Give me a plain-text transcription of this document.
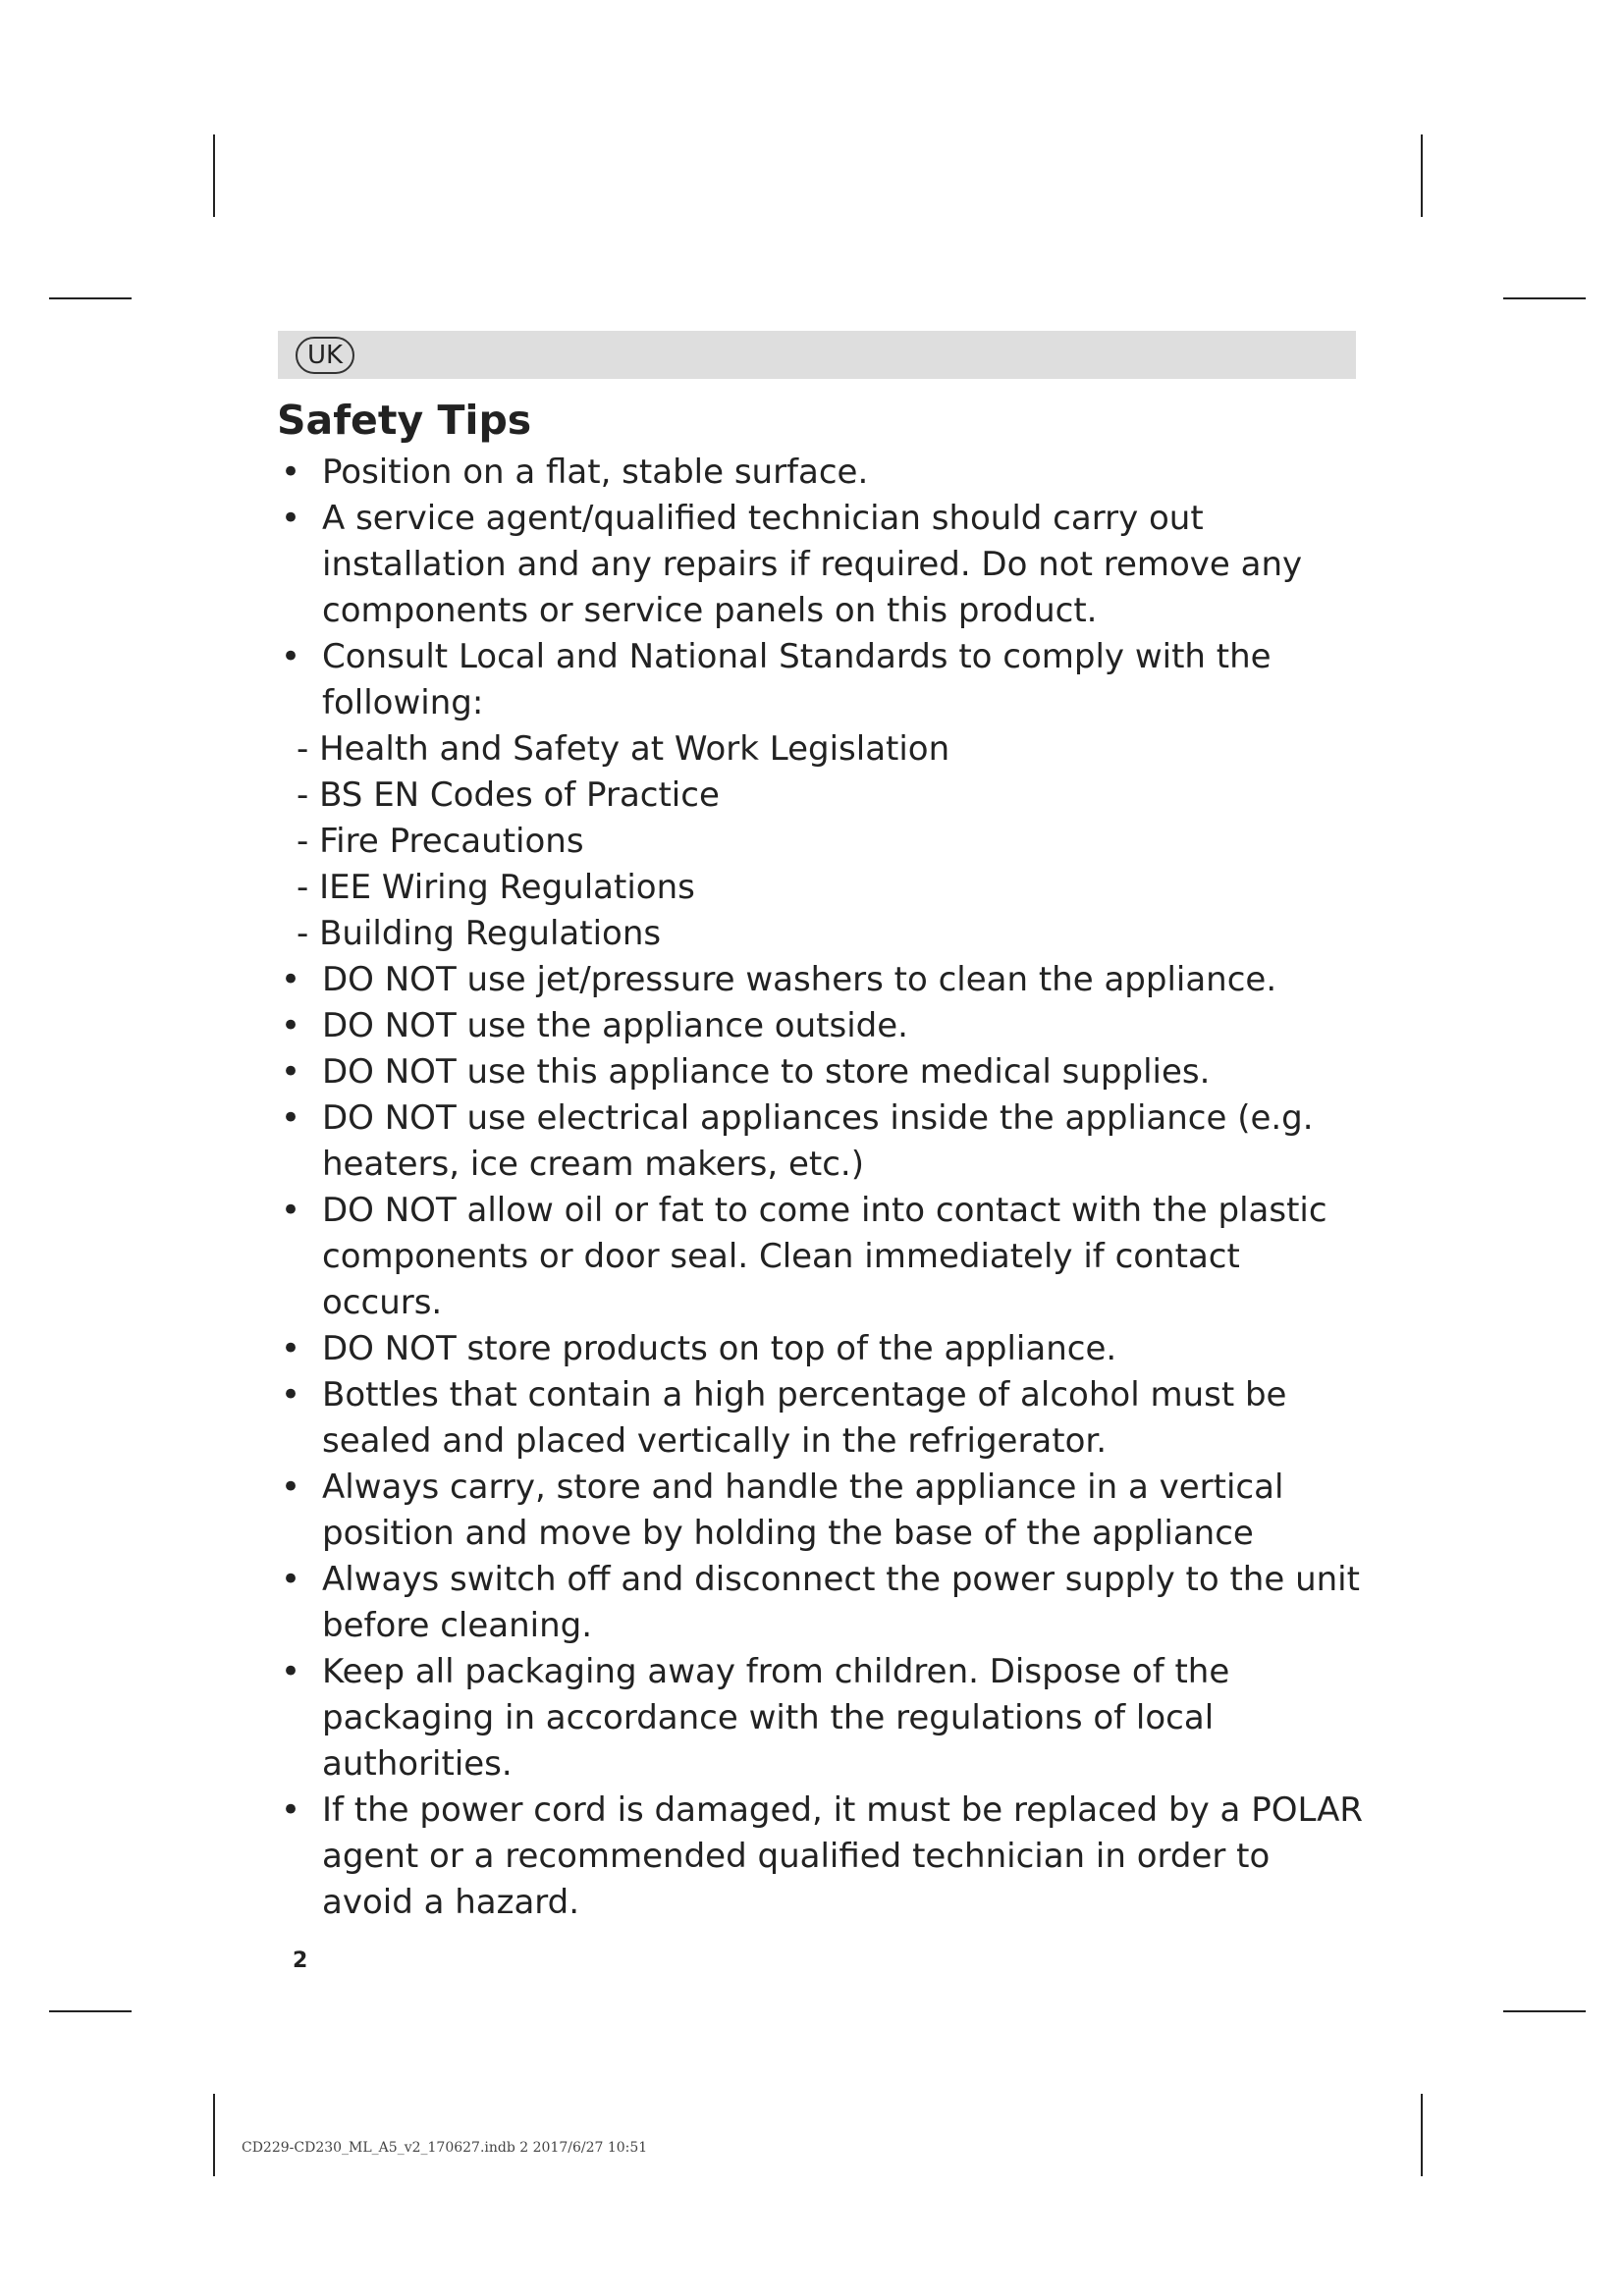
UK
Safety Tips
• Position on a flat, stable surface.
• A service agent/qualified technician should carry out installation and any repairs if required. Do not remove any components or service panels on this product.
• Consult Local and National Standards to comply with the following:
- Health and Safety at Work Legislation
- BS EN Codes of Practice
- Fire Precautions
- IEE Wiring Regulations
- Building Regulations
• DO NOT use jet/pressure washers to clean the appliance.
• DO NOT use the appliance outside.
• DO NOT use this appliance to store medical supplies.
• DO NOT use electrical appliances inside the appliance (e.g. heaters, ice cream makers, etc.)
• DO NOT allow oil or fat to come into contact with the plastic components or door seal. Clean immediately if contact occurs.
• DO NOT store products on top of the appliance.
• Bottles that contain a high percentage of alcohol must be sealed and placed vertically in the refrigerator.
• Always carry, store and handle the appliance in a vertical position and move by holding the base of the appliance
• Always switch off and disconnect the power supply to the unit before cleaning.
• Keep all packaging away from children. Dispose of the packaging in accordance with the regulations of local authorities.
• If the power cord is damaged, it must be replaced by a POLAR agent or a recommended qualified technician in order to avoid a hazard.
2
CD229-CD230_ML_A5_v2_170627.indb 2 2017/6/27 10:51
